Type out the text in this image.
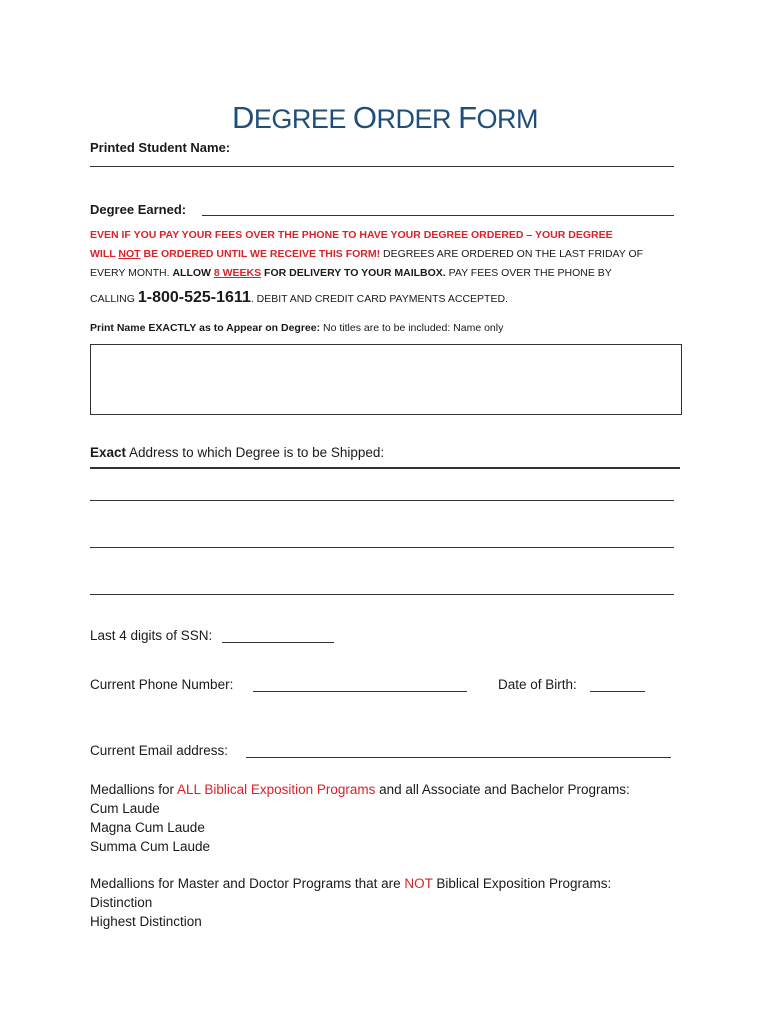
DEGREE ORDER FORM
Printed Student Name:
Degree Earned:
EVEN IF YOU PAY YOUR FEES OVER THE PHONE TO HAVE YOUR DEGREE ORDERED – YOUR DEGREE
WILL NOT BE ORDERED UNTIL WE RECEIVE THIS FORM! DEGREES ARE ORDERED ON THE LAST FRIDAY OF
EVERY MONTH. ALLOW 8 WEEKS FOR DELIVERY TO YOUR MAILBOX. PAY FEES OVER THE PHONE BY
CALLING 1-800-525-1611. DEBIT AND CREDIT CARD PAYMENTS ACCEPTED.
Print Name EXACTLY as to Appear on Degree: No titles are to be included: Name only
Exact Address to which Degree is to be Shipped:
Last 4 digits of SSN:
Current Phone Number:	Date of Birth:
Current Email address:
Medallions for ALL Biblical Exposition Programs and all Associate and Bachelor Programs:
Cum Laude
Magna Cum Laude
Summa Cum Laude
Medallions for Master and Doctor Programs that are NOT Biblical Exposition Programs:
Distinction
Highest Distinction
